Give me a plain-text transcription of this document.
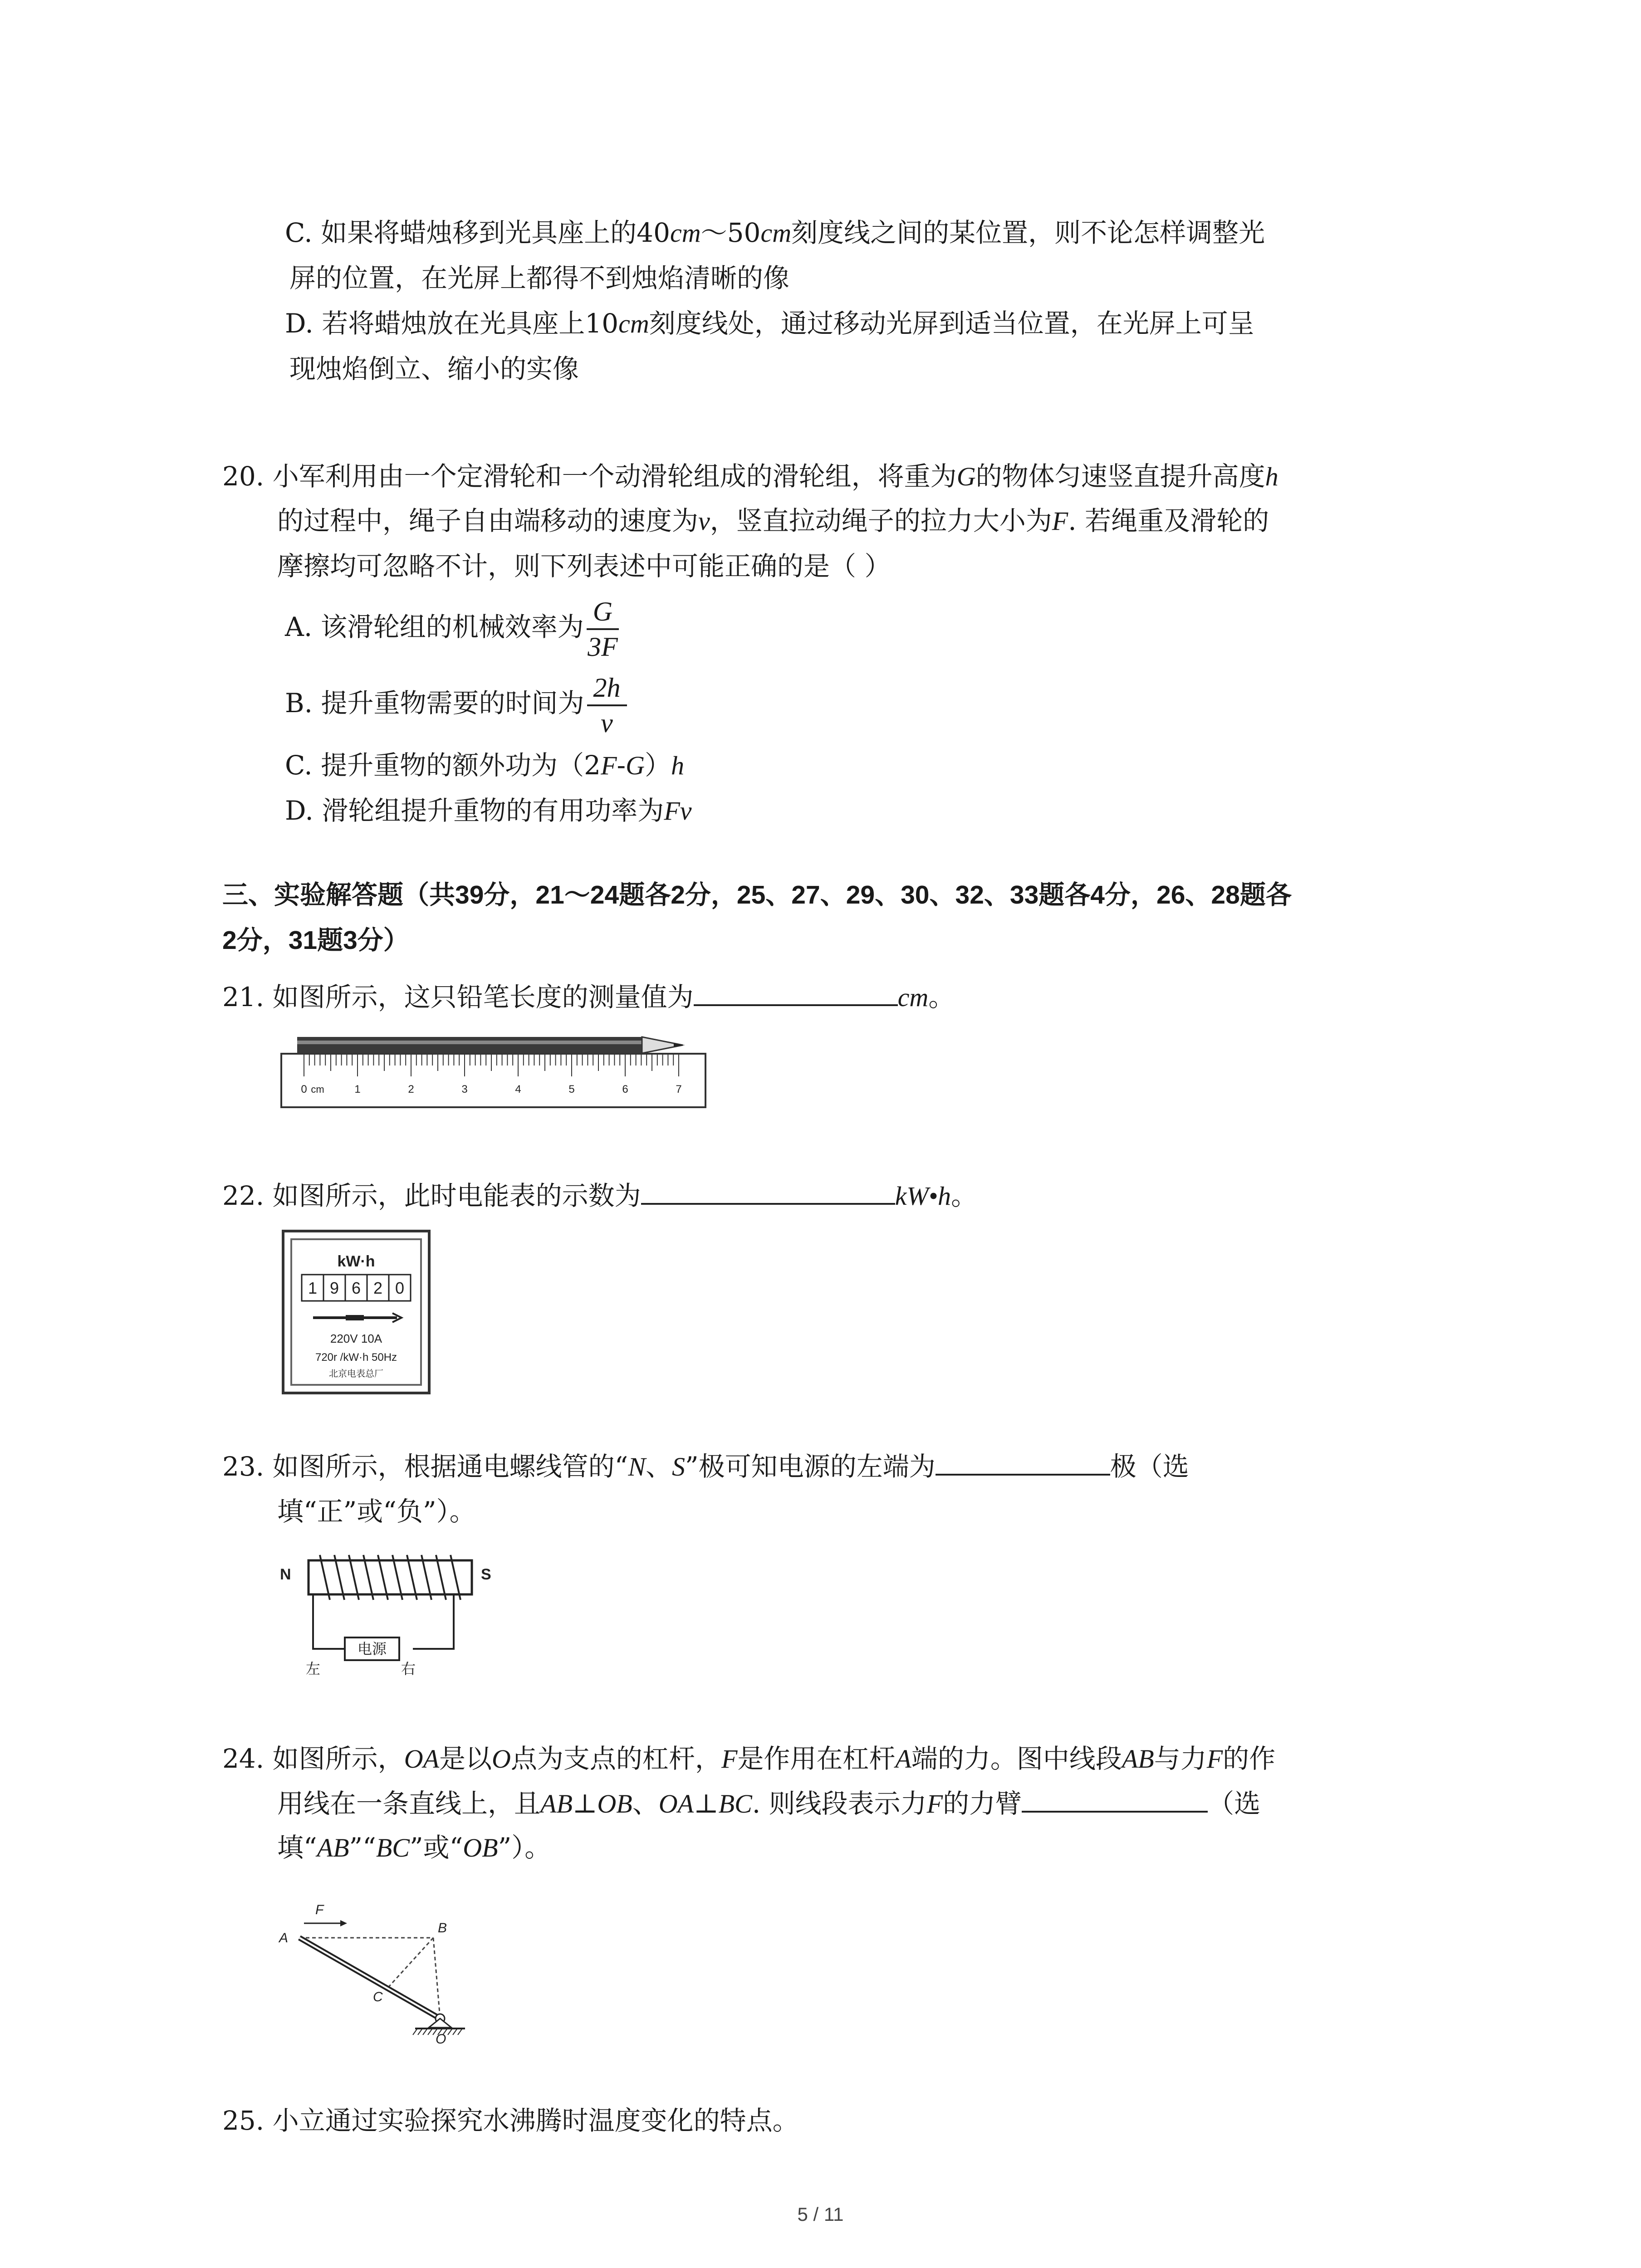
C. 如果将蜡烛移到光具座上的40cm～50cm刻度线之间的某位置，则不论怎样调整光
屏的位置，在光屏上都得不到烛焰清晰的像
D. 若将蜡烛放在光具座上10cm刻度线处，通过移动光屏到适当位置，在光屏上可呈
现烛焰倒立、缩小的实像
20. 小军利用由一个定滑轮和一个动滑轮组成的滑轮组，将重为G的物体匀速竖直提升高度h
的过程中，绳子自由端移动的速度为v，竖直拉动绳子的拉力大小为F. 若绳重及滑轮的
摩擦均可忽略不计，则下列表述中可能正确的是（ ）
A. 该滑轮组的机械效率为 $\frac{G}{3F}$
B. 提升重物需要的时间为 $\frac{2h}{v}$
C. 提升重物的额外功为（2F-G）h
D. 滑轮组提升重物的有用功率为Fv
三、实验解答题（共39分，21～24题各2分，25、27、29、30、32、33题各4分，26、28题各
2分，31题3分）
21. 如图所示，这只铅笔长度的测量值为	cm。
0	1	2	3	4	5	6	7
cm
22. 如图所示，此时电能表的示数为	kW•h。
kW·h
1 9 6 2 0
220V 10A
720r /kW·h 50Hz
北京电表总厂
23. 如图所示，根据通电螺线管的“N、S”极可知电源的左端为	极（选
填“正”或“负”）。
N	S
电源
左	右
24. 如图所示，OA是以O点为支点的杠杆，F是作用在杠杆A端的力。图中线段AB与力F的作
用线在一条直线上，且AB⊥OB、OA⊥BC. 则线段表示力F的力臂	（选
填“AB”“BC”或“OB”）。
F
A
B
C
O
25. 小立通过实验探究水沸腾时温度变化的特点。
5 / 11
